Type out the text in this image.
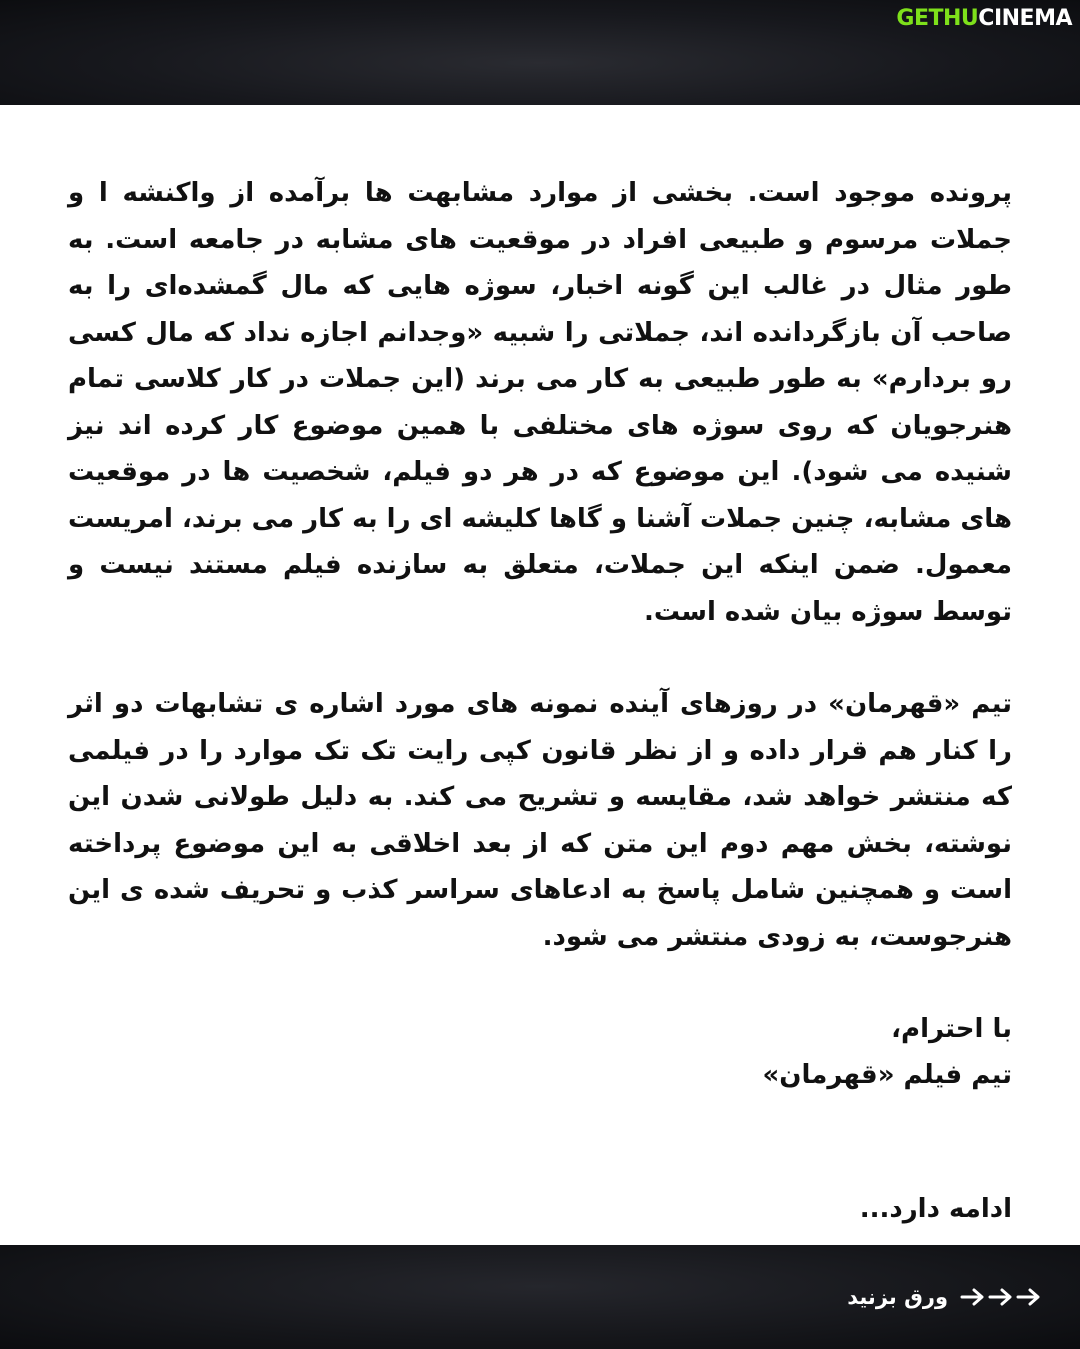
GETHUCINEMA

پرونده موجود است. بخشی از موارد مشابهت ها برآمده از واکنشه ا و جملات مرسوم و طبیعی افراد در موقعیت های مشابه در جامعه است. به طور مثال در غالب این گونه اخبار، سوژه هایی که مال گمشده‌ای را به صاحب آن بازگردانده اند، جملاتی را شبیه «وجدانم اجازه نداد که مال کسی رو بردارم» به طور طبیعی به کار می برند (این جملات در کار کلاسی تمام هنرجویان که روی سوژه های مختلفی با همین موضوع کار کرده اند نیز شنیده می شود). این موضوع که در هر دو فیلم، شخصیت ها در موقعیت های مشابه، چنین جملات آشنا و گاها کلیشه ای را به کار می برند، امریست معمول. ضمن اینکه این جملات، متعلق به سازنده فیلم مستند نیست و توسط سوژه بیان شده است.

تیم «قهرمان» در روزهای آینده نمونه های مورد اشاره ی تشابهات دو اثر را کنار هم قرار داده و از نظر قانون کپی رایت تک تک موارد را در فیلمی که منتشر خواهد شد، مقایسه و تشریح می کند. به دلیل طولانی شدن این نوشته، بخش مهم دوم این متن که از بعد اخلاقی به این موضوع پرداخته است و همچنین شامل پاسخ به ادعاهای سراسر کذب و تحریف شده ی این هنرجوست، به زودی منتشر می شود.

با احترام،
تیم فیلم «قهرمان»

ادامه دارد...

ورق بزنید
